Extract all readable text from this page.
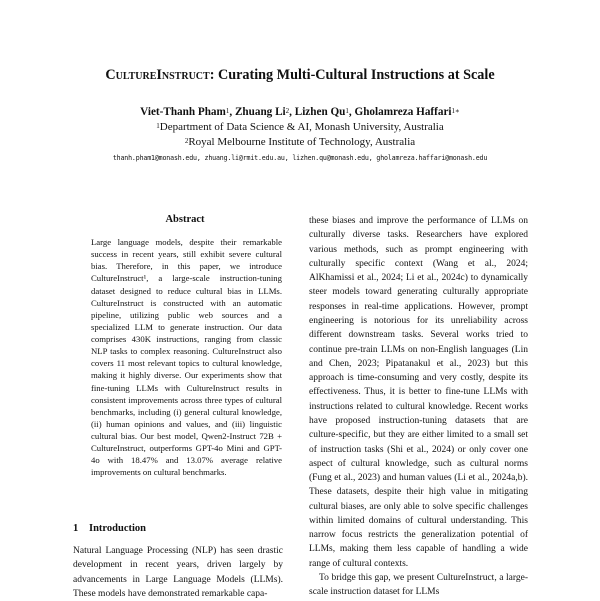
CultureInstruct: Curating Multi-Cultural Instructions at Scale
Viet-Thanh Pham$^1$, Zhuang Li$^2$, Lizhen Qu$^1$, Gholamreza Haffari$^{1∗}$
$^1$Department of Data Science & AI, Monash University, Australia
$^2$Royal Melbourne Institute of Technology, Australia
thanh.pham1@monash.edu, zhuang.li@rmit.edu.au, lizhen.qu@monash.edu, gholamreza.haffari@monash.edu
Abstract
Large language models, despite their remarkable success in recent years, still exhibit severe cultural bias. Therefore, in this paper, we introduce CultureInstruct¹, a large-scale instruction-tuning dataset designed to reduce cultural bias in LLMs. CultureInstruct is constructed with an automatic pipeline, utilizing public web sources and a specialized LLM to generate instruction. Our data comprises 430K instructions, ranging from classic NLP tasks to complex reasoning. CultureInstruct also covers 11 most relevant topics to cultural knowledge, making it highly diverse. Our experiments show that fine-tuning LLMs with CultureInstruct results in consistent improvements across three types of cultural benchmarks, including (i) general cultural knowledge, (ii) human opinions and values, and (iii) linguistic cultural bias. Our best model, Qwen2-Instruct 72B + CultureInstruct, outperforms GPT-4o Mini and GPT-4o with 18.47% and 13.07% average relative improvements on cultural benchmarks.
1 Introduction
Natural Language Processing (NLP) has seen drastic development in recent years, driven largely by advancements in Large Language Models (LLMs). These models have demonstrated remarkable capa-

these biases and improve the performance of LLMs on culturally diverse tasks. Researchers have explored various methods, such as prompt engineering with culturally specific context (Wang et al., 2024; AlKhamissi et al., 2024; Li et al., 2024c) to dynamically steer models toward generating culturally appropriate responses in real-time applications. However, prompt engineering is notorious for its unreliability across different downstream tasks. Several works tried to continue pre-train LLMs on non-English languages (Lin and Chen, 2023; Pipatanakul et al., 2023) but this approach is time-consuming and very costly, despite its effectiveness. Thus, it is better to fine-tune LLMs with instructions related to cultural knowledge. Recent works have proposed instruction-tuning datasets that are culture-specific, but they are either limited to a small set of instruction tasks (Shi et al., 2024) or only cover one aspect of cultural knowledge, such as cultural norms (Fung et al., 2023) and human values (Li et al., 2024a,b). These datasets, despite their high value in mitigating cultural biases, are only able to solve specific challenges within limited domains of cultural understanding. This narrow focus restricts the generalization potential of LLMs, making them less capable of handling a wide range of cultural contexts.

To bridge this gap, we present CultureInstruct, a large-scale instruction dataset for LLMs
